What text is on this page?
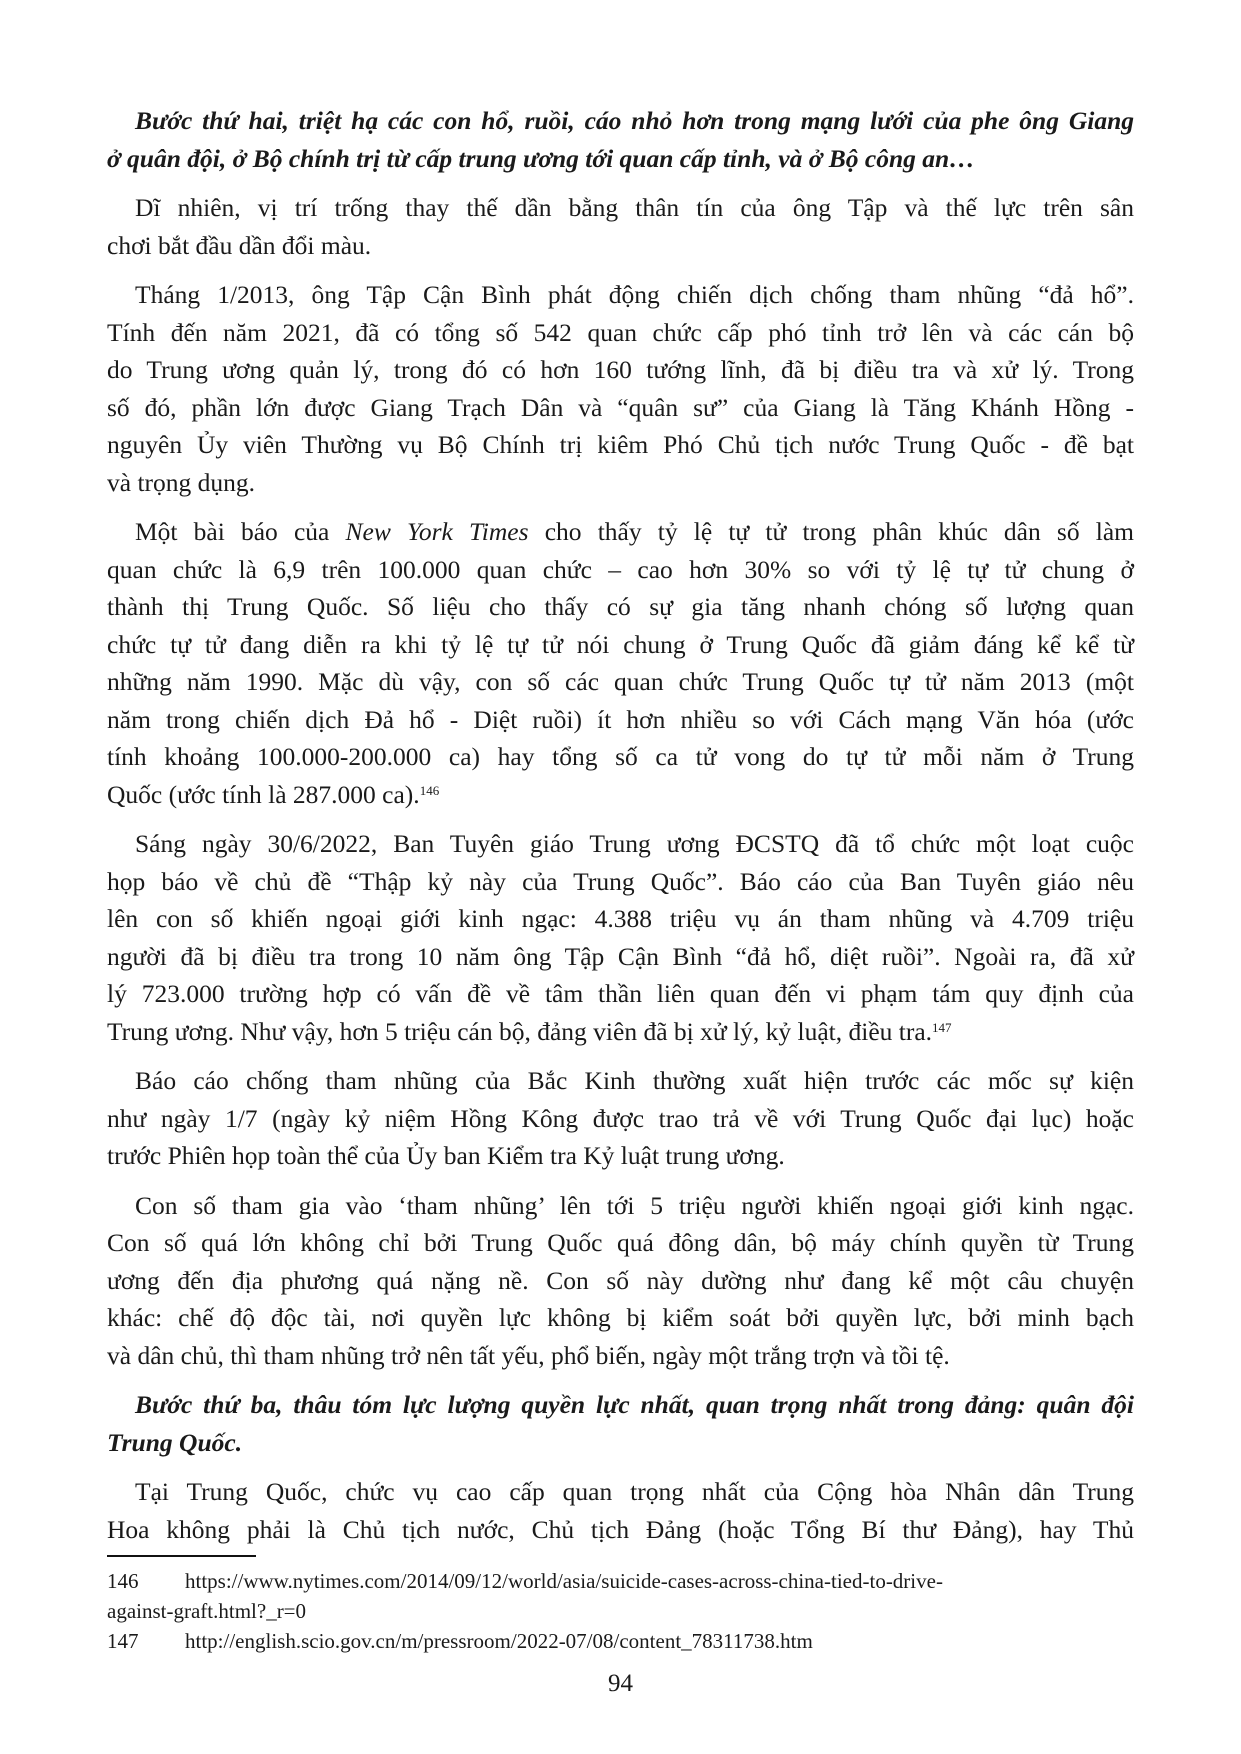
Bước thứ hai, triệt hạ các con hổ, ruồi, cáo nhỏ hơn trong mạng lưới của phe ông Giang
ở quân đội, ở Bộ chính trị từ cấp trung ương tới quan cấp tỉnh, và ở Bộ công an…
Dĩ nhiên, vị trí trống thay thế dần bằng thân tín của ông Tập và thế lực trên sân
chơi bắt đầu dần đổi màu.
Tháng 1/2013, ông Tập Cận Bình phát động chiến dịch chống tham nhũng “đả hổ”.
Tính đến năm 2021, đã có tổng số 542 quan chức cấp phó tỉnh trở lên và các cán bộ
do Trung ương quản lý, trong đó có hơn 160 tướng lĩnh, đã bị điều tra và xử lý. Trong
số đó, phần lớn được Giang Trạch Dân và “quân sư” của Giang là Tăng Khánh Hồng -
nguyên Ủy viên Thường vụ Bộ Chính trị kiêm Phó Chủ tịch nước Trung Quốc - đề bạt
và trọng dụng.
Một bài báo của New York Times cho thấy tỷ lệ tự tử trong phân khúc dân số làm
quan chức là 6,9 trên 100.000 quan chức – cao hơn 30% so với tỷ lệ tự tử chung ở
thành thị Trung Quốc. Số liệu cho thấy có sự gia tăng nhanh chóng số lượng quan
chức tự tử đang diễn ra khi tỷ lệ tự tử nói chung ở Trung Quốc đã giảm đáng kể kể từ
những năm 1990. Mặc dù vậy, con số các quan chức Trung Quốc tự tử năm 2013 (một
năm trong chiến dịch Đả hổ - Diệt ruồi) ít hơn nhiều so với Cách mạng Văn hóa (ước
tính khoảng 100.000-200.000 ca) hay tổng số ca tử vong do tự tử mỗi năm ở Trung
Quốc (ước tính là 287.000 ca).$^{146}$
Sáng ngày 30/6/2022, Ban Tuyên giáo Trung ương ĐCSTQ đã tổ chức một loạt cuộc
họp báo về chủ đề “Thập kỷ này của Trung Quốc”. Báo cáo của Ban Tuyên giáo nêu
lên con số khiến ngoại giới kinh ngạc: 4.388 triệu vụ án tham nhũng và 4.709 triệu
người đã bị điều tra trong 10 năm ông Tập Cận Bình “đả hổ, diệt ruồi”. Ngoài ra, đã xử
lý 723.000 trường hợp có vấn đề về tâm thần liên quan đến vi phạm tám quy định của
Trung ương. Như vậy, hơn 5 triệu cán bộ, đảng viên đã bị xử lý, kỷ luật, điều tra.$^{147}$
Báo cáo chống tham nhũng của Bắc Kinh thường xuất hiện trước các mốc sự kiện
như ngày 1/7 (ngày kỷ niệm Hồng Kông được trao trả về với Trung Quốc đại lục) hoặc
trước Phiên họp toàn thể của Ủy ban Kiểm tra Kỷ luật trung ương.
Con số tham gia vào ‘tham nhũng’ lên tới 5 triệu người khiến ngoại giới kinh ngạc.
Con số quá lớn không chỉ bởi Trung Quốc quá đông dân, bộ máy chính quyền từ Trung
ương đến địa phương quá nặng nề. Con số này dường như đang kể một câu chuyện
khác: chế độ độc tài, nơi quyền lực không bị kiểm soát bởi quyền lực, bởi minh bạch
và dân chủ, thì tham nhũng trở nên tất yếu, phổ biến, ngày một trắng trợn và tồi tệ.
Bước thứ ba, thâu tóm lực lượng quyền lực nhất, quan trọng nhất trong đảng: quân đội
Trung Quốc.
Tại Trung Quốc, chức vụ cao cấp quan trọng nhất của Cộng hòa Nhân dân Trung
Hoa không phải là Chủ tịch nước, Chủ tịch Đảng (hoặc Tổng Bí thư Đảng), hay Thủ
146 https://www.nytimes.com/2014/09/12/world/asia/suicide-cases-across-china-tied-to-drive-
against-graft.html?_r=0
147 http://english.scio.gov.cn/m/pressroom/2022-07/08/content_78311738.htm
94
